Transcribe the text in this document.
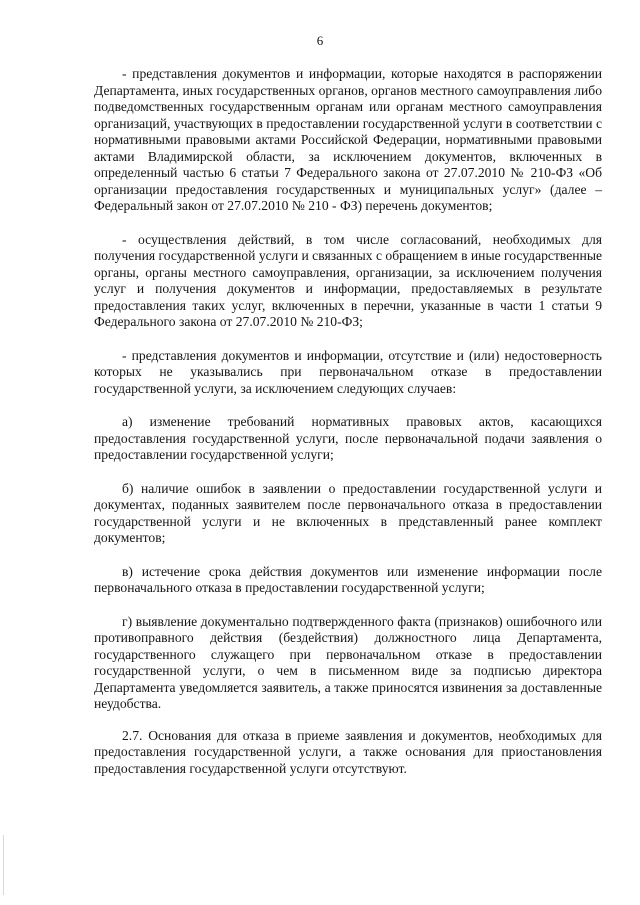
6

- представления документов и информации, которые находятся в распоряжении Департамента, иных государственных органов, органов местного самоуправления либо подведомственных государственным органам или органам местного самоуправления организаций, участвующих в предоставлении государственной услуги в соответствии с нормативными правовыми актами Российской Федерации, нормативными правовыми актами Владимирской области, за исключением документов, включенных в определенный частью 6 статьи 7 Федерального закона от 27.07.2010 № 210-ФЗ «Об организации предоставления государственных и муниципальных услуг» (далее – Федеральный закон от 27.07.2010 № 210 - ФЗ) перечень документов;

- осуществления действий, в том числе согласований, необходимых для получения государственной услуги и связанных с обращением в иные государственные органы, органы местного самоуправления, организации, за исключением получения услуг и получения документов и информации, предоставляемых в результате предоставления таких услуг, включенных в перечни, указанные в части 1 статьи 9 Федерального закона от 27.07.2010 № 210-ФЗ;

- представления документов и информации, отсутствие и (или) недостоверность которых не указывались при первоначальном отказе в предоставлении государственной услуги, за исключением следующих случаев:

а) изменение требований нормативных правовых актов, касающихся предоставления государственной услуги, после первоначальной подачи заявления о предоставлении государственной услуги;

б) наличие ошибок в заявлении о предоставлении государственной услуги и документах, поданных заявителем после первоначального отказа в предоставлении государственной услуги и не включенных в представленный ранее комплект документов;

в) истечение срока действия документов или изменение информации после первоначального отказа в предоставлении государственной услуги;

г) выявление документально подтвержденного факта (признаков) ошибочного или противоправного действия (бездействия) должностного лица Департамента, государственного служащего при первоначальном отказе в предоставлении государственной услуги, о чем в письменном виде за подписью директора Департамента уведомляется заявитель, а также приносятся извинения за доставленные неудобства.

2.7. Основания для отказа в приеме заявления и документов, необходимых для предоставления государственной услуги, а также основания для приостановления предоставления государственной услуги отсутствуют.
